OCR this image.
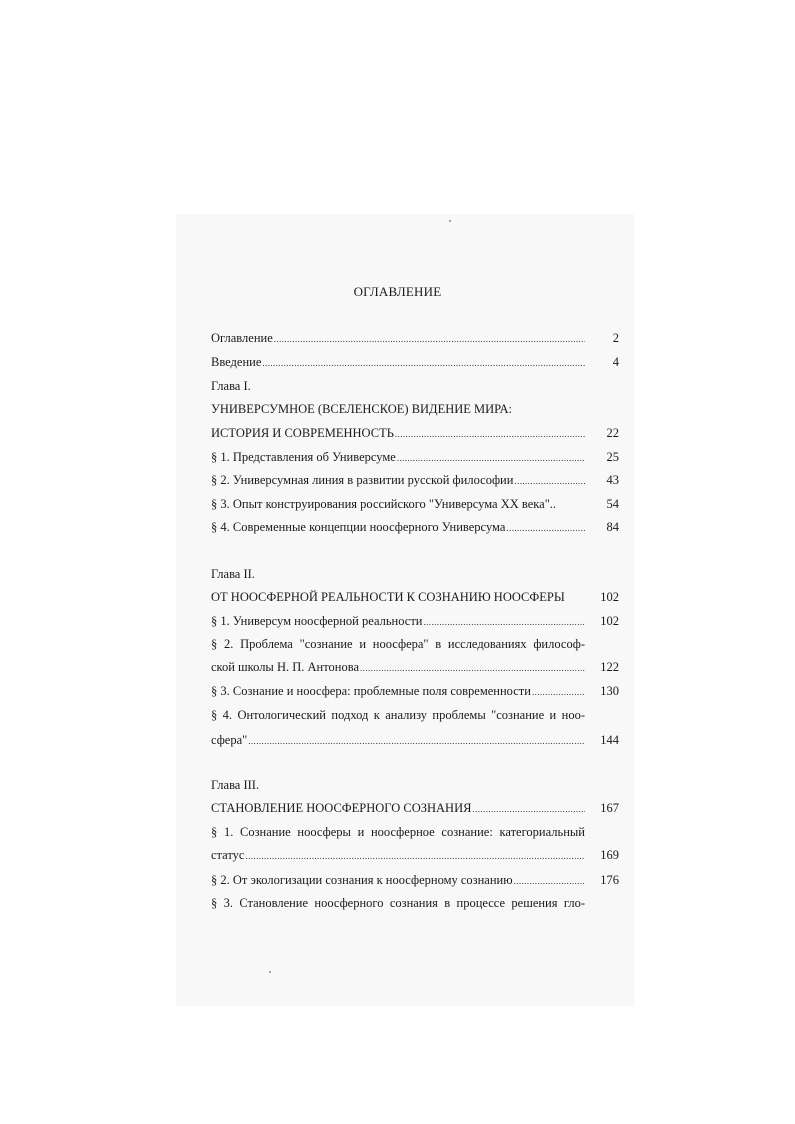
ОГЛАВЛЕНИЕ
Оглавление .....	2
Введение .....	4
Глава I.
УНИВЕРСУМНОЕ (ВСЕЛЕНСКОЕ) ВИДЕНИЕ МИРА:
ИСТОРИЯ И СОВРЕМЕННОСТЬ .....	22
§ 1. Представления об Универсуме .....	25
§ 2. Универсумная линия в развитии русской философии .....	43
§ 3. Опыт конструирования российского "Универсума XX века"..	54
§ 4. Современные концепции ноосферного Универсума .....	84
Глава II.
ОТ НООСФЕРНОЙ РЕАЛЬНОСТИ К СОЗНАНИЮ НООСФЕРЫ	102
§ 1. Универсум ноосферной реальности .....	102
§ 2. Проблема "сознание и ноосфера" в исследованиях философ-
ской школы Н. П. Антонова .....	122
§ 3. Сознание и ноосфера: проблемные поля современности .....	130
§ 4. Онтологический подход к анализу проблемы "сознание и ноо-
сфера" .....	144
Глава III.
СТАНОВЛЕНИЕ НООСФЕРНОГО СОЗНАНИЯ .....	167
§ 1. Сознание ноосферы и ноосферное сознание: категориальный
статус .....	169
§ 2. От экологизации сознания к ноосферному сознанию .....	176
§ 3. Становление ноосферного сознания в процессе решения гло-
